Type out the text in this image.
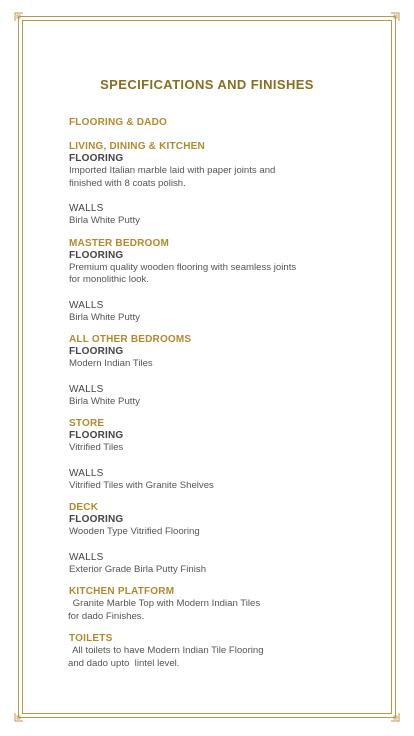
SPECIFICATIONS AND FINISHES
FLOORING & DADO
LIVING, DINING & KITCHEN
FLOORING
Imported Italian marble laid with paper joints and
finished with 8 coats polish.
WALLS
Birla White Putty
MASTER BEDROOM
FLOORING
Premium quality wooden flooring with seamless joints
for monolithic look.
WALLS
Birla White Putty
ALL OTHER BEDROOMS
FLOORING
Modern Indian Tiles
WALLS
Birla White Putty
STORE
FLOORING
Vitrified Tiles
WALLS
Vitrified Tiles with Granite Shelves
DECK
FLOORING
Wooden Type Vitrified Flooring
WALLS
Exterior Grade Birla Putty Finish
KITCHEN PLATFORM
Granite Marble Top with Modern Indian Tiles
for dado Finishes.
TOILETS
All toilets to have Modern Indian Tile Flooring
and dado upto  lintel level.
